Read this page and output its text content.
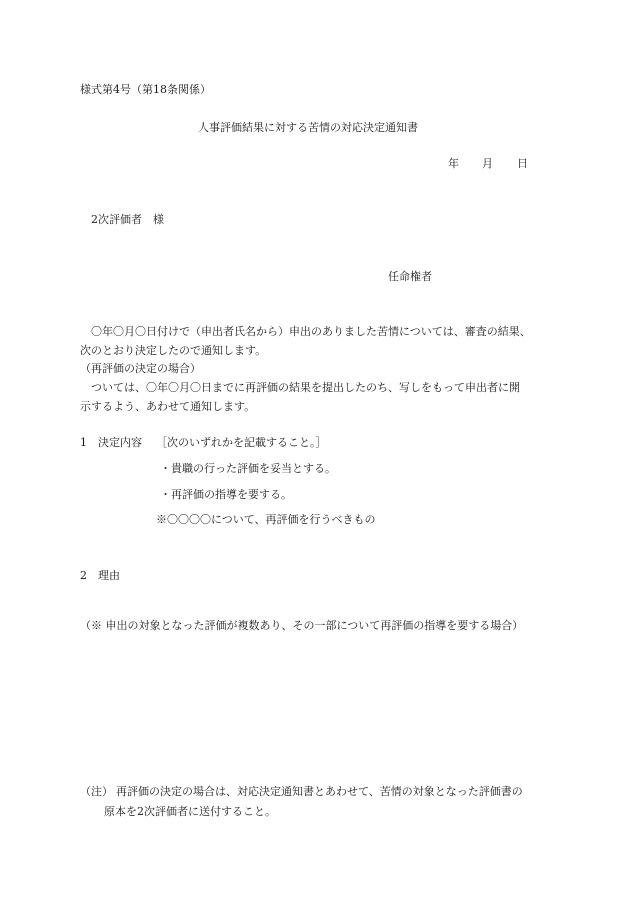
様式第4号（第18条関係）

人事評価結果に対する苦情の対応決定通知書

年 月 日

2次評価者　様

任命権者

〇年〇月〇日付けで（申出者氏名から）申出のありました苦情については、審査の結果、

次のとおり決定したので通知します。

（再評価の決定の場合）

ついては、〇年〇月〇日までに再評価の結果を提出したのち、写しをもって申出者に開

示するよう、あわせて通知します。

1 決定内容 ［次のいずれかを記載すること。］

・貴職の行った評価を妥当とする。

・再評価の指導を要する。

※〇〇〇〇について、再評価を行うべきもの

2 理由

（※ 申出の対象となった評価が複数あり、その一部について再評価の指導を要する場合）

（注） 再評価の決定の場合は、対応決定通知書とあわせて、苦情の対象となった評価書の

原本を2次評価者に送付すること。
